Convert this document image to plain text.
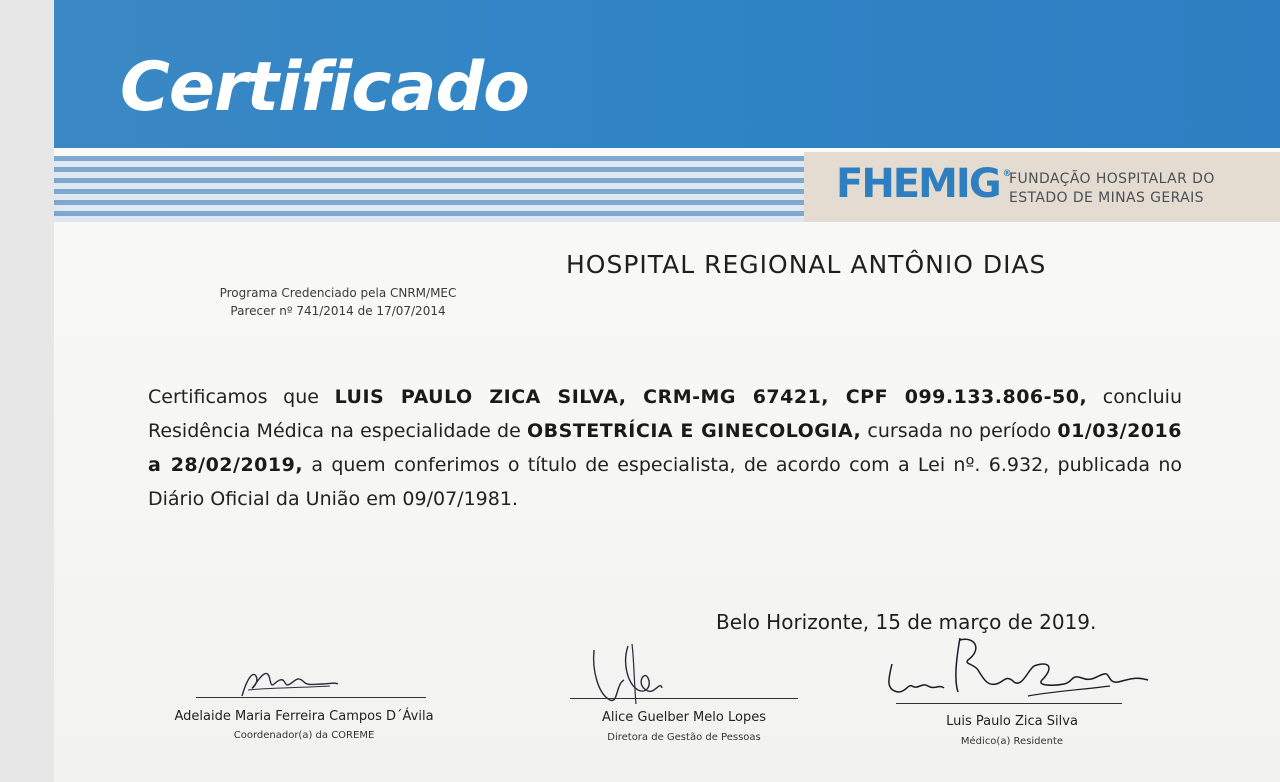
Certificado
FHEMIG ®
FUNDAÇÃO HOSPITALAR DO
ESTADO DE MINAS GERAIS
HOSPITAL REGIONAL ANTÔNIO DIAS
Programa Credenciado pela CNRM/MEC
Parecer nº 741/2014 de 17/07/2014
Certificamos que LUIS PAULO ZICA SILVA, CRM-MG 67421, CPF 099.133.806-50, concluiu Residência Médica na especialidade de OBSTETRÍCIA E GINECOLOGIA, cursada no período 01/03/2016 a 28/02/2019, a quem conferimos o título de especialista, de acordo com a Lei nº. 6.932, publicada no Diário Oficial da União em 09/07/1981.
Belo Horizonte, 15 de março de 2019.
Adelaide Maria Ferreira Campos D´Ávila
Coordenador(a) da COREME
Alice Guelber Melo Lopes
Diretora de Gestão de Pessoas
Luis Paulo Zica Silva
Médico(a) Residente
